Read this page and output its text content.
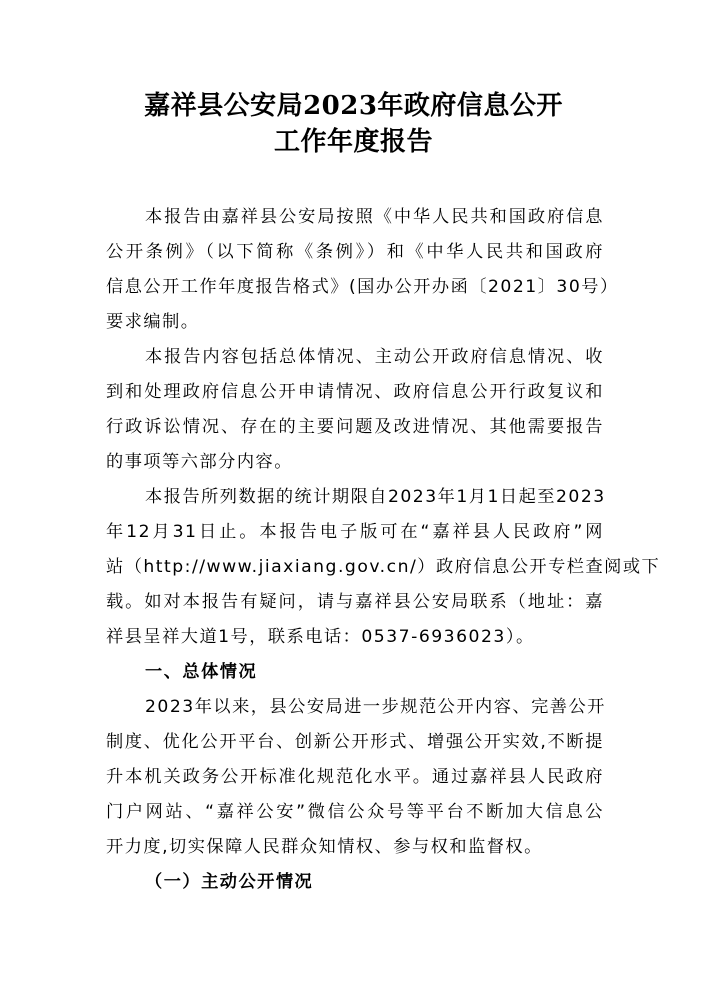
嘉祥县公安局2023年政府信息公开
工作年度报告
本报告由嘉祥县公安局按照《中华人民共和国政府信息
公开条例》（以下简称《条例》）和《中华人民共和国政府
信息公开工作年度报告格式》(国办公开办函〔2021〕30号）
要求编制。
本报告内容包括总体情况、主动公开政府信息情况、收
到和处理政府信息公开申请情况、政府信息公开行政复议和
行政诉讼情况、存在的主要问题及改进情况、其他需要报告
的事项等六部分内容。
本报告所列数据的统计期限自2023年1月1日起至2023
年12月31日止。本报告电子版可在“嘉祥县人民政府”网
站（http://www.jiaxiang.gov.cn/）政府信息公开专栏查阅或下
载。如对本报告有疑问，请与嘉祥县公安局联系（地址：嘉
祥县呈祥大道1号，联系电话：0537-6936023）。
一、总体情况
2023年以来，县公安局进一步规范公开内容、完善公开
制度、优化公开平台、创新公开形式、增强公开实效,不断提
升本机关政务公开标准化规范化水平。通过嘉祥县人民政府
门户网站、“嘉祥公安”微信公众号等平台不断加大信息公
开力度,切实保障人民群众知情权、参与权和监督权。
（一）主动公开情况
